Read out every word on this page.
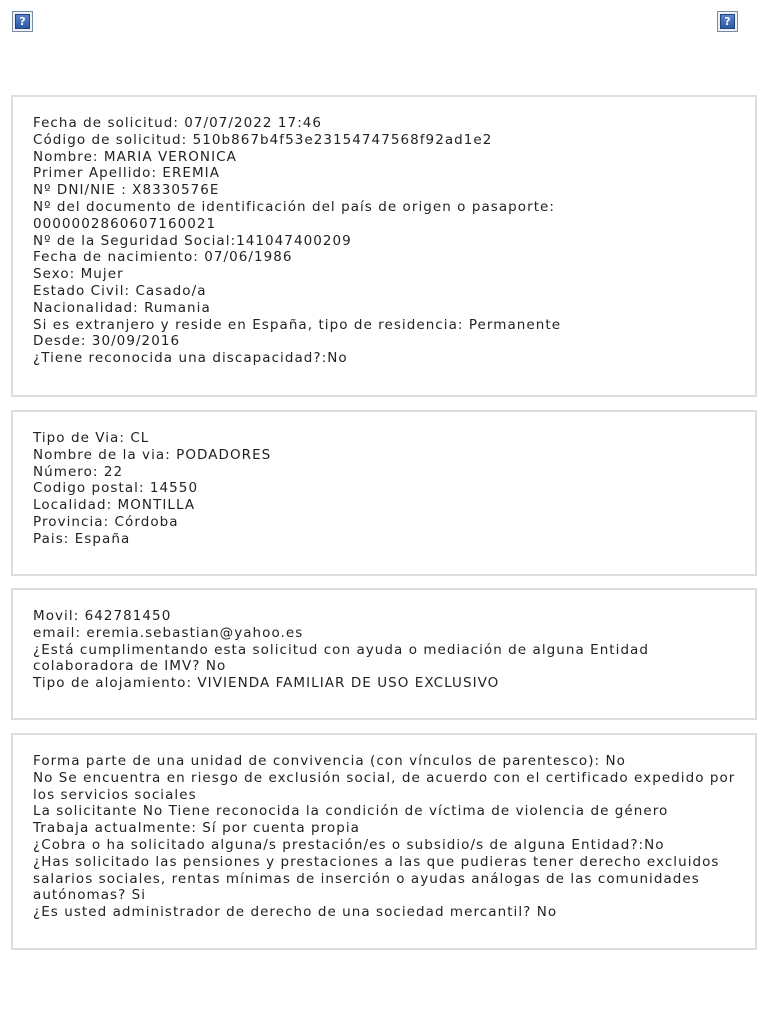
?	?
Fecha de solicitud: 07/07/2022 17:46
Código de solicitud: 510b867b4f53e23154747568f92ad1e2
Nombre: MARIA VERONICA
Primer Apellido: EREMIA
Nº DNI/NIE : X8330576E
Nº del documento de identificación del país de origen o pasaporte:
0000002860607160021
Nº de la Seguridad Social:141047400209
Fecha de nacimiento: 07/06/1986
Sexo: Mujer
Estado Civil: Casado/a
Nacionalidad: Rumania
Si es extranjero y reside en España, tipo de residencia: Permanente
Desde: 30/09/2016
¿Tiene reconocida una discapacidad?:No
Tipo de Via: CL
Nombre de la via: PODADORES
Número: 22
Codigo postal: 14550
Localidad: MONTILLA
Provincia: Córdoba
Pais: España
Movil: 642781450
email: eremia.sebastian@yahoo.es
¿Está cumplimentando esta solicitud con ayuda o mediación de alguna Entidad colaboradora de IMV? No
Tipo de alojamiento: VIVIENDA FAMILIAR DE USO EXCLUSIVO
Forma parte de una unidad de convivencia (con vínculos de parentesco): No
No Se encuentra en riesgo de exclusión social, de acuerdo con el certificado expedido por los servicios sociales
La solicitante No Tiene reconocida la condición de víctima de violencia de género
Trabaja actualmente: Sí por cuenta propia
¿Cobra o ha solicitado alguna/s prestación/es o subsidio/s de alguna Entidad?:No
¿Has solicitado las pensiones y prestaciones a las que pudieras tener derecho excluidos salarios sociales, rentas mínimas de inserción o ayudas análogas de las comunidades autónomas? Si
¿Es usted administrador de derecho de una sociedad mercantil? No
